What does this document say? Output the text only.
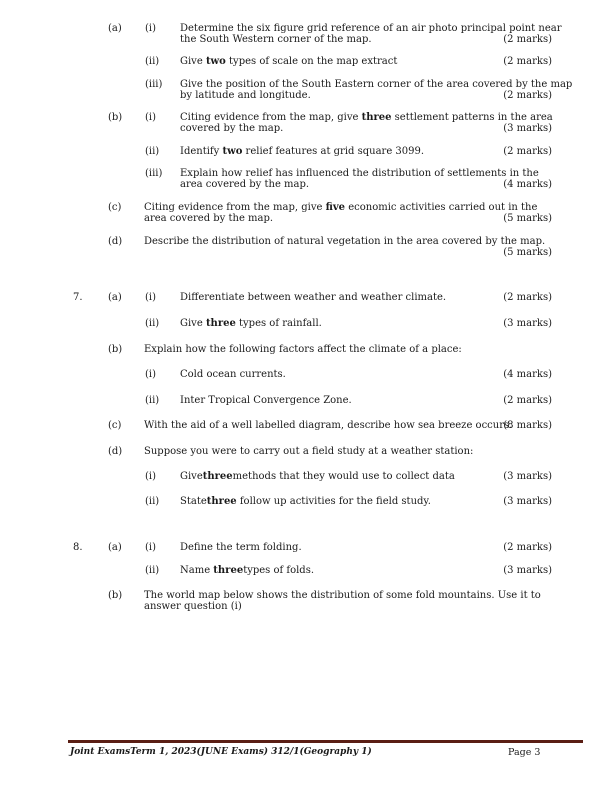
(a) (i) Determine the six figure grid reference of an air photo principal point near the South Western corner of the map.	(2 marks)
(ii) Give two types of scale on the map extract	(2 marks)
(iii) Give the position of the South Eastern corner of the area covered by the map by latitude and longitude.	(2 marks)
(b) (i) Citing evidence from the map, give three settlement patterns in the area covered by the map.	(3 marks)
(ii) Identify two relief features at grid square 3099.	(2 marks)
(iii) Explain how relief has influenced the distribution of settlements in the area covered by the map.	(4 marks)
(c) Citing evidence from the map, give five economic activities carried out in the area covered by the map.	(5 marks)
(d) Describe the distribution of natural vegetation in the area covered by the map.
(5 marks)
7.	(a) (i) Differentiate between weather and weather climate.	(2 marks)
(ii) Give three types of rainfall.	(3 marks)
(b) Explain how the following factors affect the climate of a place:
(i) Cold ocean currents.	(4 marks)
(ii) Inter Tropical Convergence Zone.	(2 marks)
(c) With the aid of a well labelled diagram, describe how sea breeze occurs.
(8 marks)
(d) Suppose you were to carry out a field study at a weather station:
(i) Givethreemethods that they would use to collect data	(3 marks)
(ii) Statethree follow up activities for the field study.	(3 marks)
8.	(a) (i) Define the term folding.	(2 marks)
(ii) Name threetypes of folds.	(3 marks)
(b) The world map below shows the distribution of some fold mountains. Use it to answer question (i)
Joint ExamsTerm 1, 2023(JUNE Exams) 312/1(Geography 1)	Page 3
